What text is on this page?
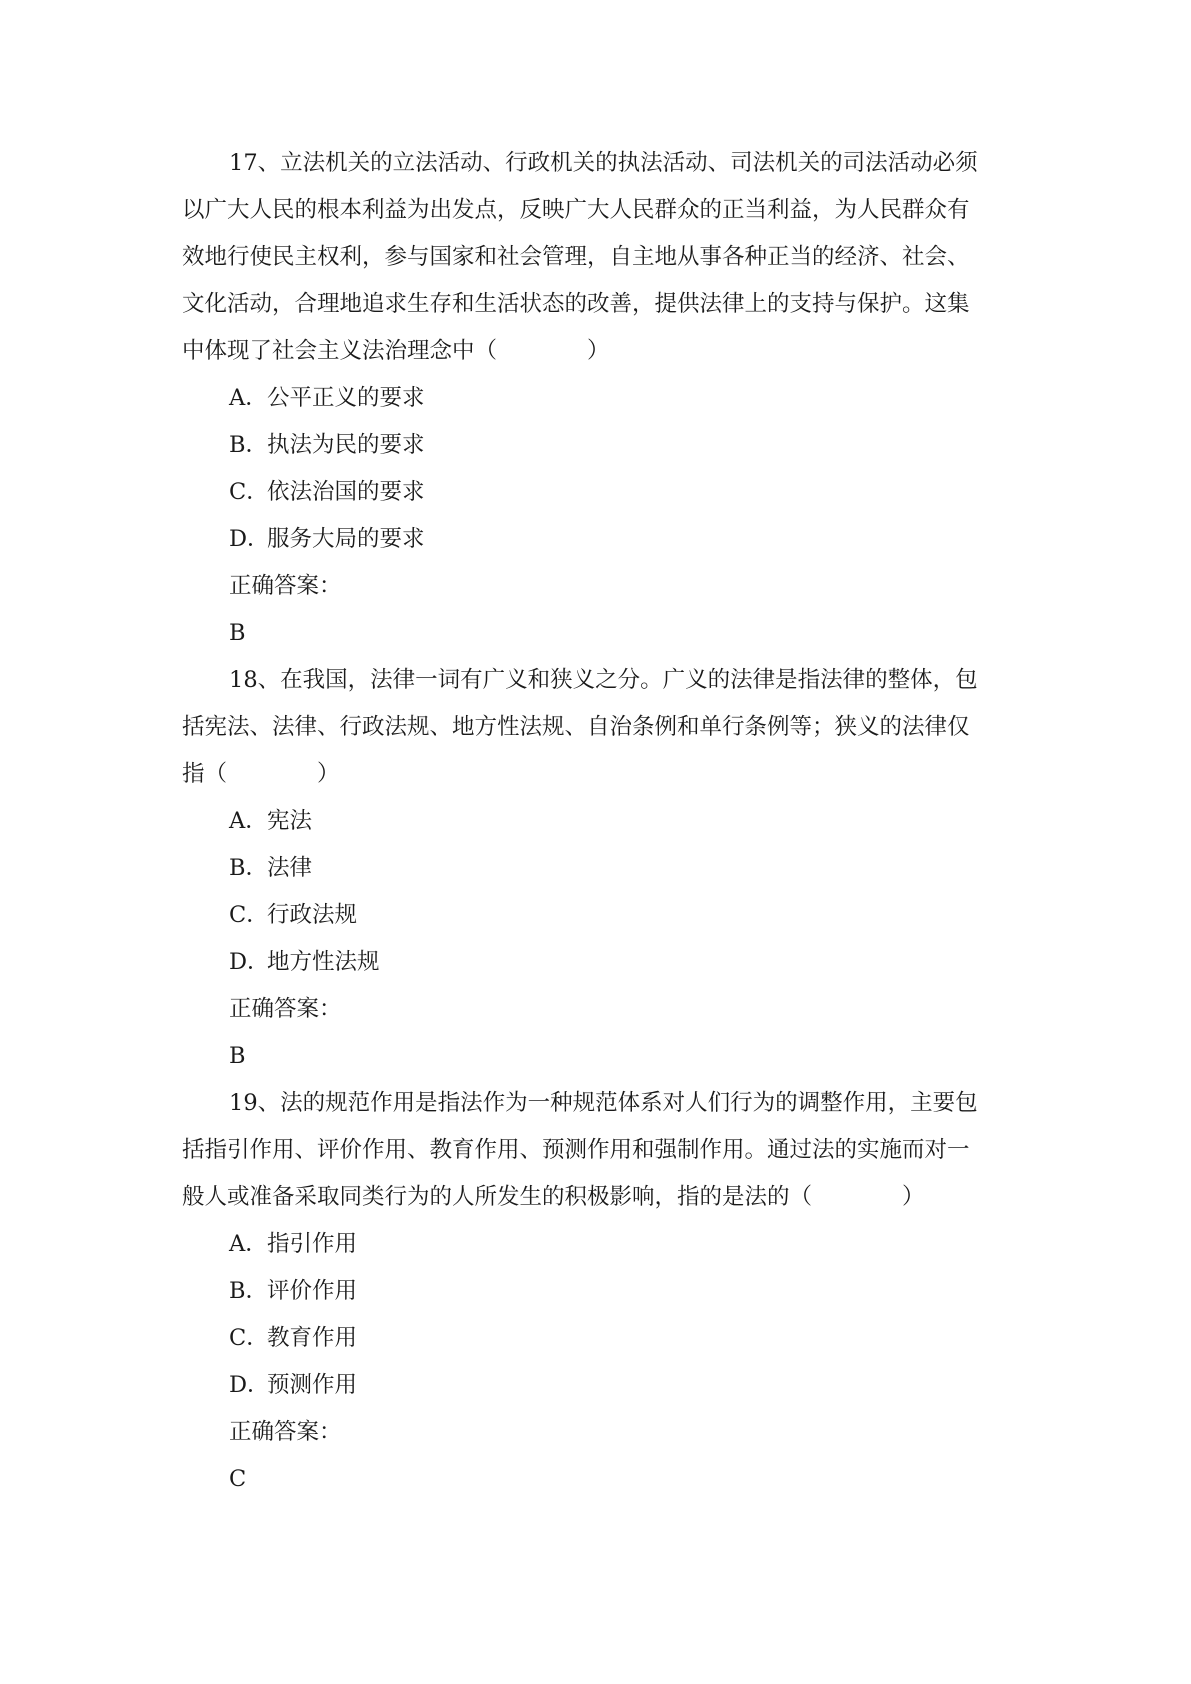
17、立法机关的立法活动、行政机关的执法活动、司法机关的司法活动必须
以广大人民的根本利益为出发点，反映广大人民群众的正当利益，为人民群众有
效地行使民主权利，参与国家和社会管理，自主地从事各种正当的经济、社会、
文化活动，合理地追求生存和生活状态的改善，提供法律上的支持与保护。这集
中体现了社会主义法治理念中（　　　　）
A．公平正义的要求
B．执法为民的要求
C．依法治国的要求
D．服务大局的要求
正确答案：
B
18、在我国，法律一词有广义和狭义之分。广义的法律是指法律的整体，包
括宪法、法律、行政法规、地方性法规、自治条例和单行条例等；狭义的法律仅
指（　　　　）
A．宪法
B．法律
C．行政法规
D．地方性法规
正确答案：
B
19、法的规范作用是指法作为一种规范体系对人们行为的调整作用，主要包
括指引作用、评价作用、教育作用、预测作用和强制作用。通过法的实施而对一
般人或准备采取同类行为的人所发生的积极影响，指的是法的（　　　　）
A．指引作用
B．评价作用
C．教育作用
D．预测作用
正确答案：
C
